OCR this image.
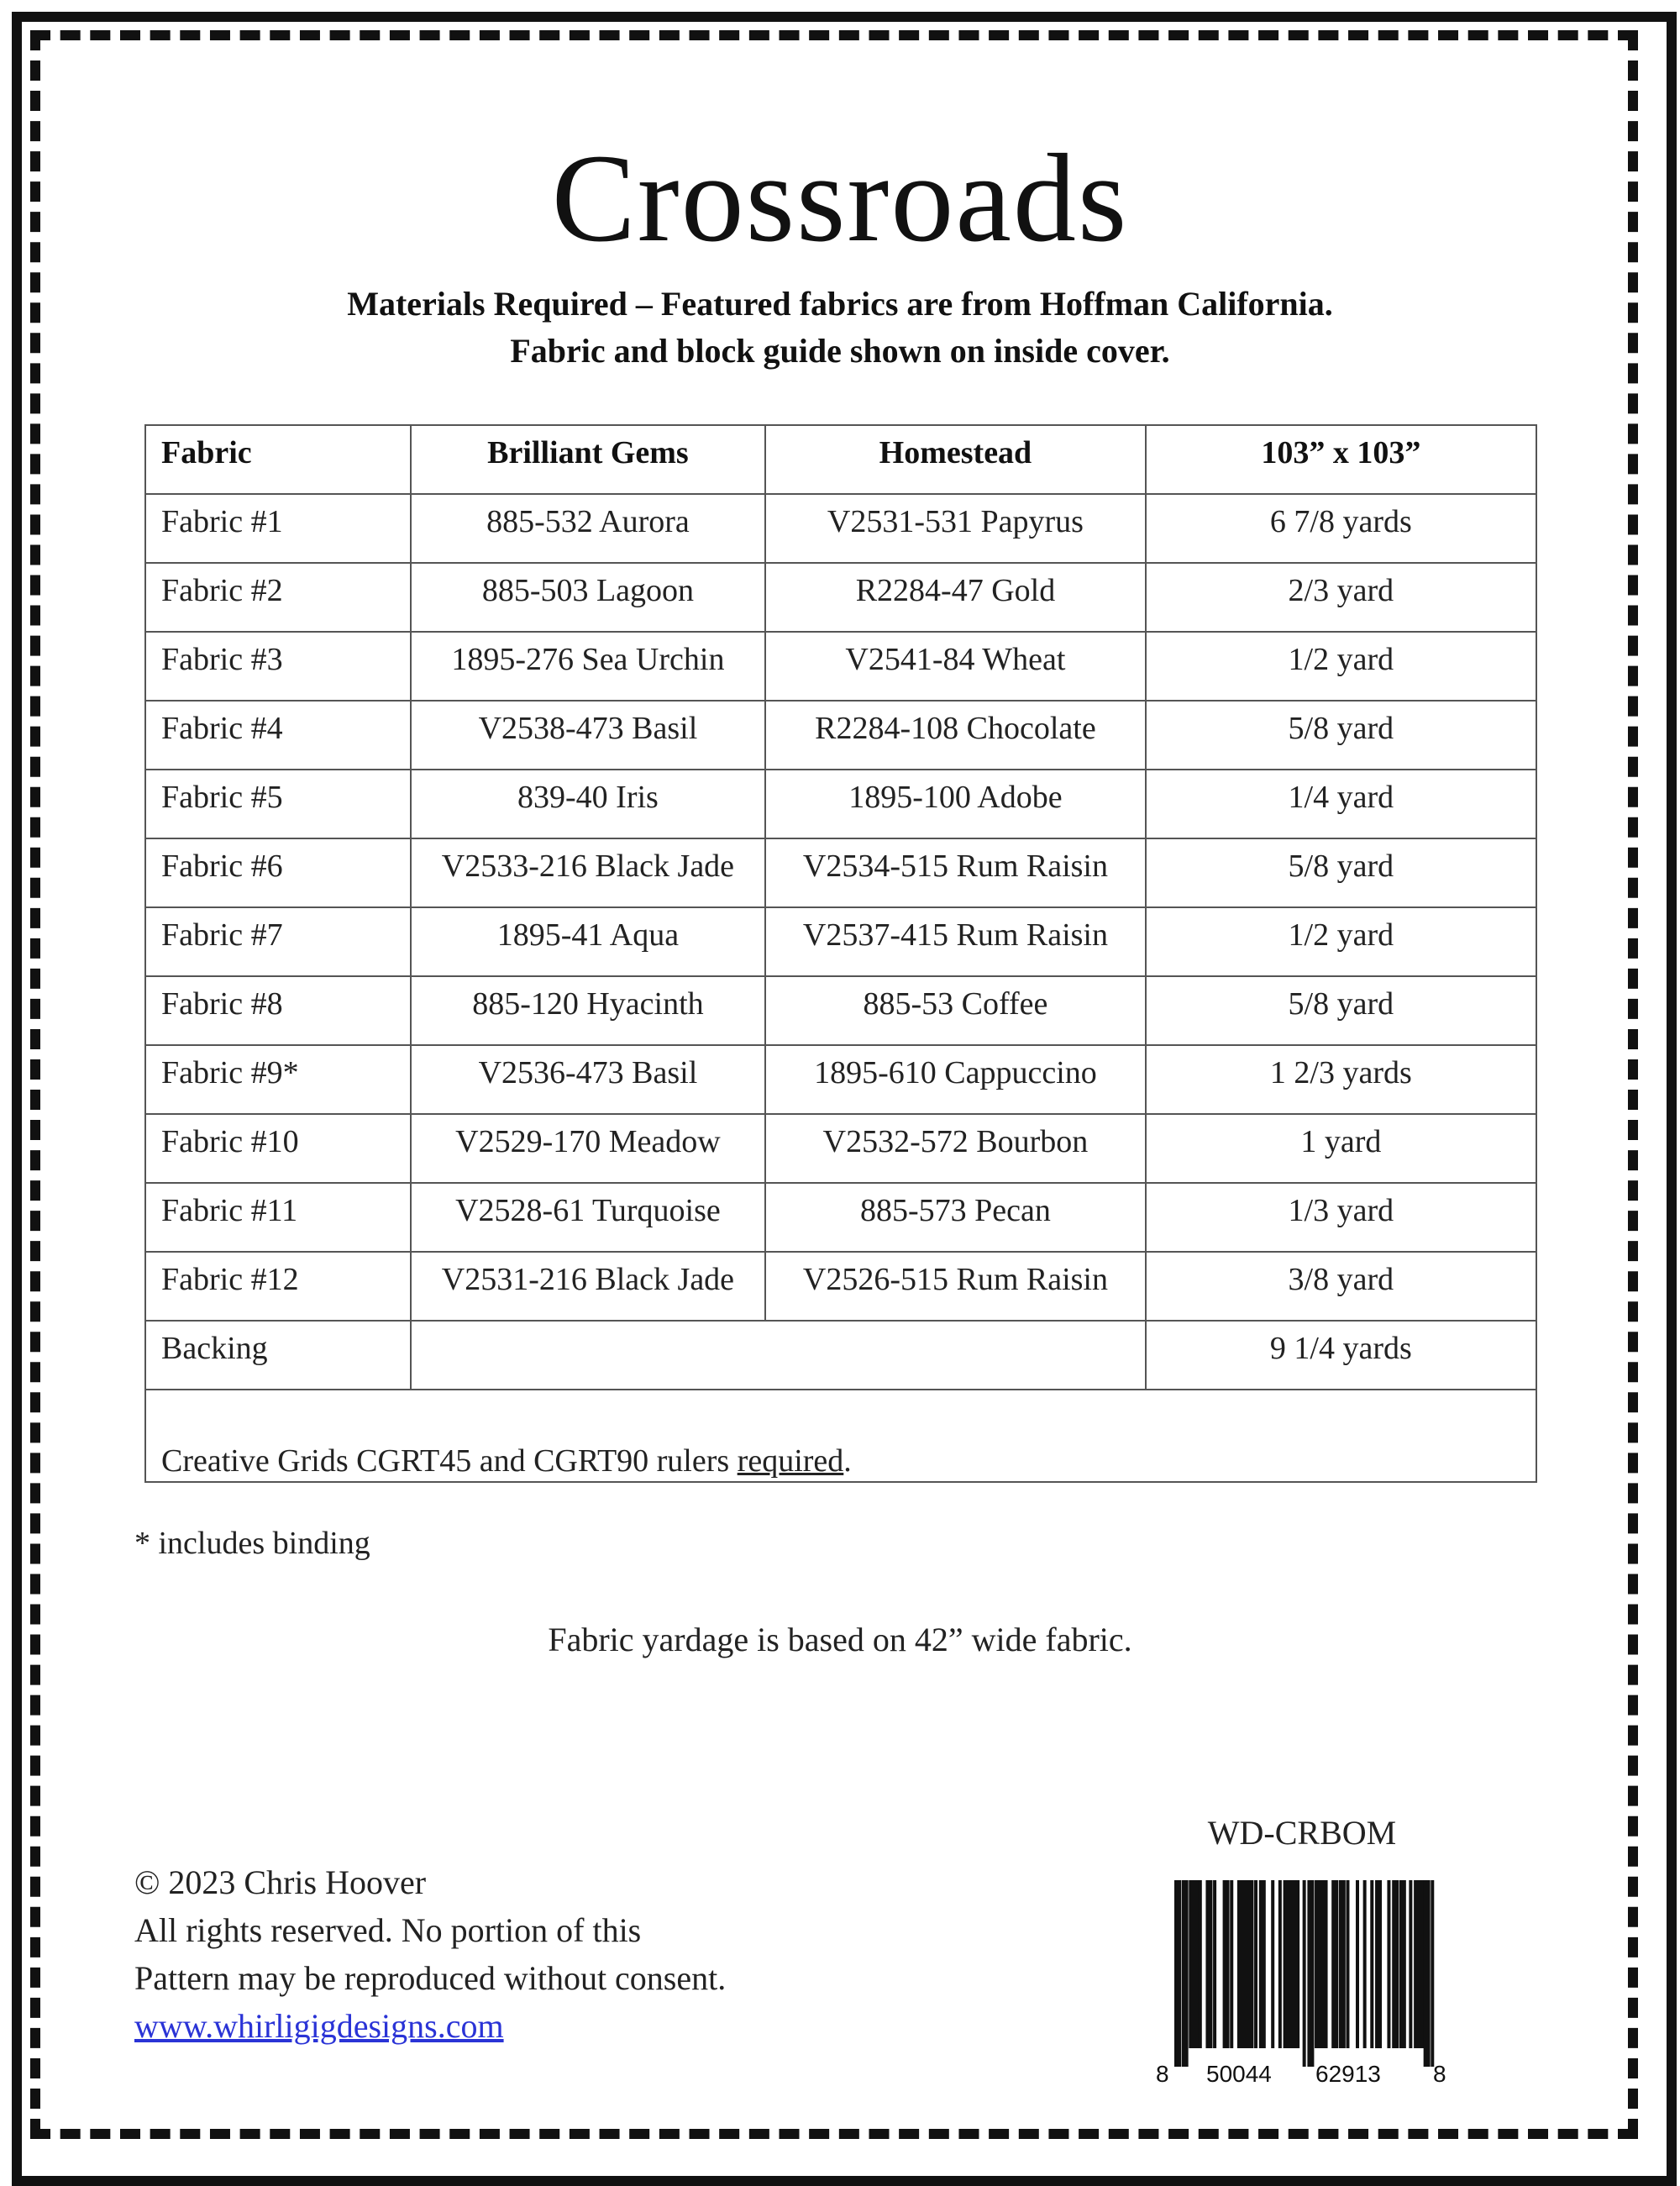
Crossroads
Materials Required – Featured fabrics are from Hoffman California.
Fabric and block guide shown on inside cover.
Fabric	Brilliant Gems	Homestead	103” x 103”
Fabric #1	885-532 Aurora	V2531-531 Papyrus	6 7/8 yards
Fabric #2	885-503 Lagoon	R2284-47 Gold	2/3 yard
Fabric #3	1895-276 Sea Urchin	V2541-84 Wheat	1/2 yard
Fabric #4	V2538-473 Basil	R2284-108 Chocolate	5/8 yard
Fabric #5	839-40 Iris	1895-100 Adobe	1/4 yard
Fabric #6	V2533-216 Black Jade	V2534-515 Rum Raisin	5/8 yard
Fabric #7	1895-41 Aqua	V2537-415 Rum Raisin	1/2 yard
Fabric #8	885-120 Hyacinth	885-53 Coffee	5/8 yard
Fabric #9*	V2536-473 Basil	1895-610 Cappuccino	1 2/3 yards
Fabric #10	V2529-170 Meadow	V2532-572 Bourbon	1 yard
Fabric #11	V2528-61 Turquoise	885-573 Pecan	1/3 yard
Fabric #12	V2531-216 Black Jade	V2526-515 Rum Raisin	3/8 yard
Backing			9 1/4 yards
Creative Grids CGRT45 and CGRT90 rulers required.			
* includes binding
Fabric yardage is based on 42” wide fabric.
© 2023 Chris Hoover
All rights reserved. No portion of this
Pattern may be reproduced without consent.
www.whirligigdesigns.com
WD-CRBOM
8 50044 62913 8
